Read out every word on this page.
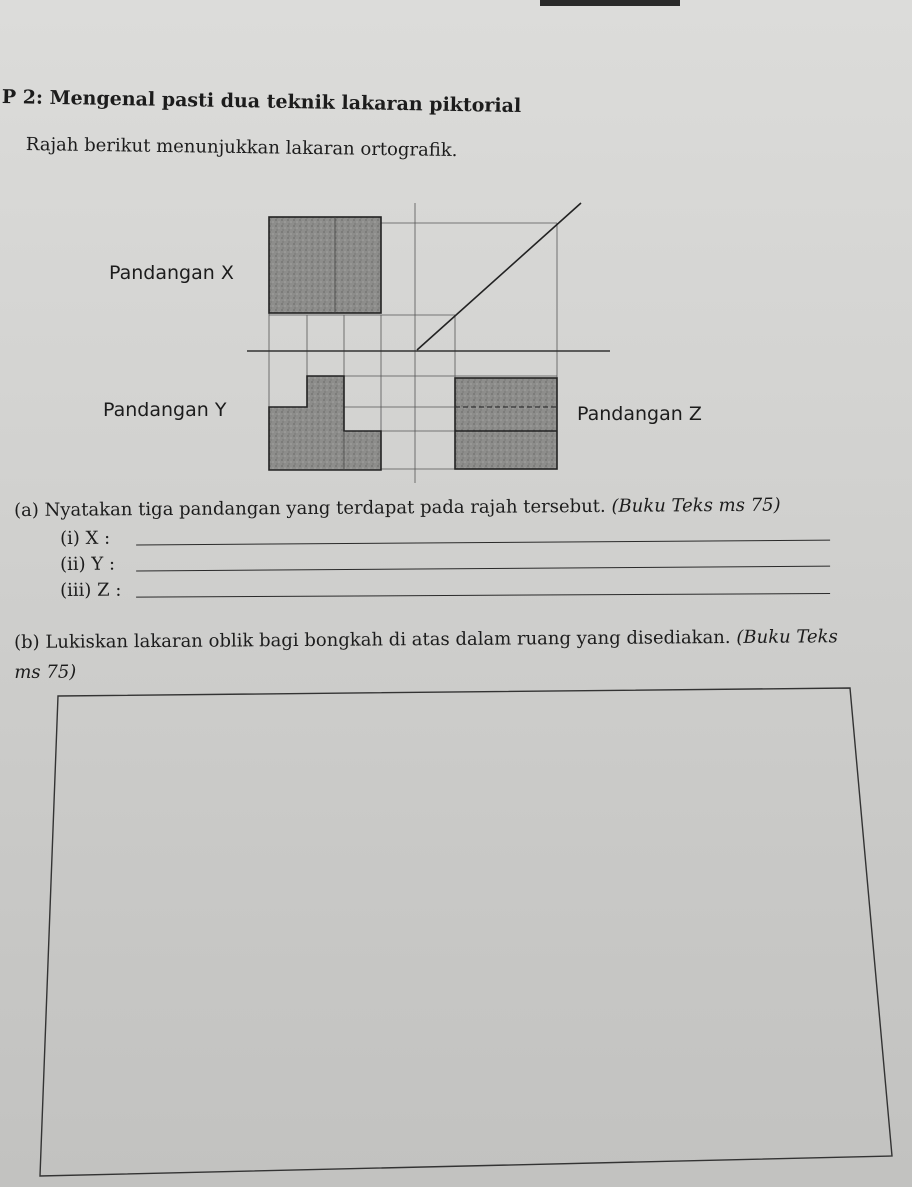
P 2: Mengenal pasti dua teknik lakaran piktorial
Rajah berikut menunjukkan lakaran ortografik.
Pandangan X
Pandangan Y	Pandangan Z
(a) Nyatakan tiga pandangan yang terdapat pada rajah tersebut. (Buku Teks ms 75)
(i) X :
(ii) Y :
(iii) Z :
(b) Lukiskan lakaran oblik bagi bongkah di atas dalam ruang yang disediakan. (Buku Teks ms 75)
